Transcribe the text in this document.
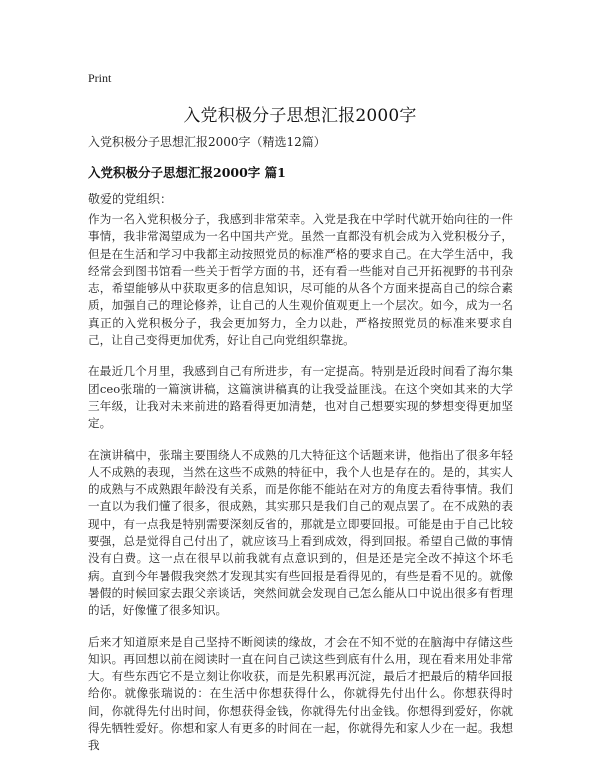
Print
入党积极分子思想汇报2000字
入党积极分子思想汇报2000字（精选12篇）
入党积极分子思想汇报2000字 篇1
敬爱的党组织：

作为一名入党积极分子，我感到非常荣幸。入党是我在中学时代就开始向往的一件事情，我非常渴望成为一名中国共产党。虽然一直都没有机会成为入党积极分子，但是在生活和学习中我都主动按照党员的标准严格的要求自己。在大学生活中，我经常会到图书馆看一些关于哲学方面的书，还有看一些能对自己开拓视野的书刊杂志，希望能够从中获取更多的信息知识，尽可能的从各个方面来提高自己的综合素质，加强自己的理论修养，让自己的人生观价值观更上一个层次。如今，成为一名真正的入党积极分子，我会更加努力，全力以赴，严格按照党员的标准来要求自己，让自己变得更加优秀，好让自己向党组织靠拢。

在最近几个月里，我感到自己有所进步，有一定提高。特别是近段时间看了海尔集团ceo张瑞的一篇演讲稿，这篇演讲稿真的让我受益匪浅。在这个突如其来的大学三年级，让我对未来前进的路看得更加清楚，也对自己想要实现的梦想变得更加坚定。

在演讲稿中，张瑞主要围绕人不成熟的几大特征这个话题来讲，他指出了很多年轻人不成熟的表现，当然在这些不成熟的特征中，我个人也是存在的。是的，其实人的成熟与不成熟跟年龄没有关系，而是你能不能站在对方的角度去看待事情。我们一直以为我们懂了很多，很成熟，其实那只是我们自己的观点罢了。在不成熟的表现中，有一点我是特别需要深刻反省的，那就是立即要回报。可能是由于自己比较要强，总是觉得自己付出了，就应该马上看到成效，得到回报。希望自己做的事情没有白费。这一点在很早以前我就有点意识到的，但是还是完全改不掉这个坏毛病。直到今年暑假我突然才发现其实有些回报是看得见的，有些是看不见的。就像暑假的时候回家去跟父亲谈话，突然间就会发现自己怎么能从口中说出很多有哲理的话，好像懂了很多知识。

后来才知道原来是自己坚持不断阅读的缘故，才会在不知不觉的在脑海中存储这些知识。再回想以前在阅读时一直在问自己读这些到底有什么用，现在看来用处非常大。有些东西它不是立刻让你收获，而是先积累再沉淀，最后才把最后的精华回报给你。就像张瑞说的：在生活中你想获得什么，你就得先付出什么。你想获得时间，你就得先付出时间，你想获得金钱，你就得先付出金钱。你想得到爱好，你就得先牺牲爱好。你想和家人有更多的时间在一起，你就得先和家人少在一起。我想我
